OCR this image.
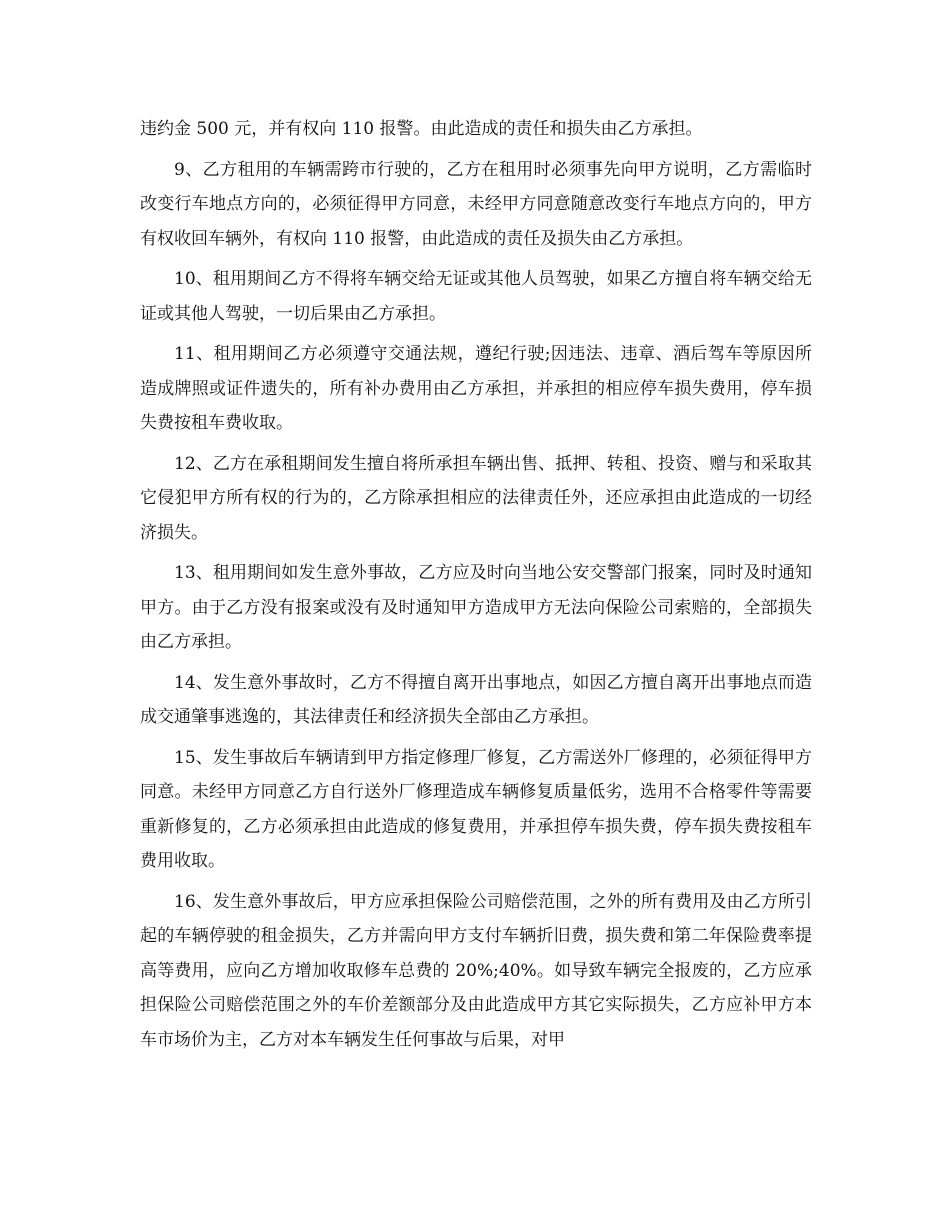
违约金 500 元，并有权向 110 报警。由此造成的责任和损失由乙方承担。

9、乙方租用的车辆需跨市行驶的，乙方在租用时必须事先向甲方说明，乙方需临时改变行车地点方向的，必须征得甲方同意，未经甲方同意随意改变行车地点方向的，甲方有权收回车辆外，有权向 110 报警，由此造成的责任及损失由乙方承担。

10、租用期间乙方不得将车辆交给无证或其他人员驾驶，如果乙方擅自将车辆交给无证或其他人驾驶，一切后果由乙方承担。

11、租用期间乙方必须遵守交通法规，遵纪行驶;因违法、违章、酒后驾车等原因所造成牌照或证件遗失的，所有补办费用由乙方承担，并承担的相应停车损失费用，停车损失费按租车费收取。

12、乙方在承租期间发生擅自将所承担车辆出售、抵押、转租、投资、赠与和采取其它侵犯甲方所有权的行为的，乙方除承担相应的法律责任外，还应承担由此造成的一切经济损失。

13、租用期间如发生意外事故，乙方应及时向当地公安交警部门报案，同时及时通知甲方。由于乙方没有报案或没有及时通知甲方造成甲方无法向保险公司索赔的，全部损失由乙方承担。

14、发生意外事故时，乙方不得擅自离开出事地点，如因乙方擅自离开出事地点而造成交通肇事逃逸的，其法律责任和经济损失全部由乙方承担。

15、发生事故后车辆请到甲方指定修理厂修复，乙方需送外厂修理的，必须征得甲方同意。未经甲方同意乙方自行送外厂修理造成车辆修复质量低劣，选用不合格零件等需要重新修复的，乙方必须承担由此造成的修复费用，并承担停车损失费，停车损失费按租车费用收取。

16、发生意外事故后，甲方应承担保险公司赔偿范围，之外的所有费用及由乙方所引起的车辆停驶的租金损失，乙方并需向甲方支付车辆折旧费，损失费和第二年保险费率提高等费用，应向乙方增加收取修车总费的 20%;40%。如导致车辆完全报废的，乙方应承担保险公司赔偿范围之外的车价差额部分及由此造成甲方其它实际损失，乙方应补甲方本车市场价为主，乙方对本车辆发生任何事故与后果，对甲
